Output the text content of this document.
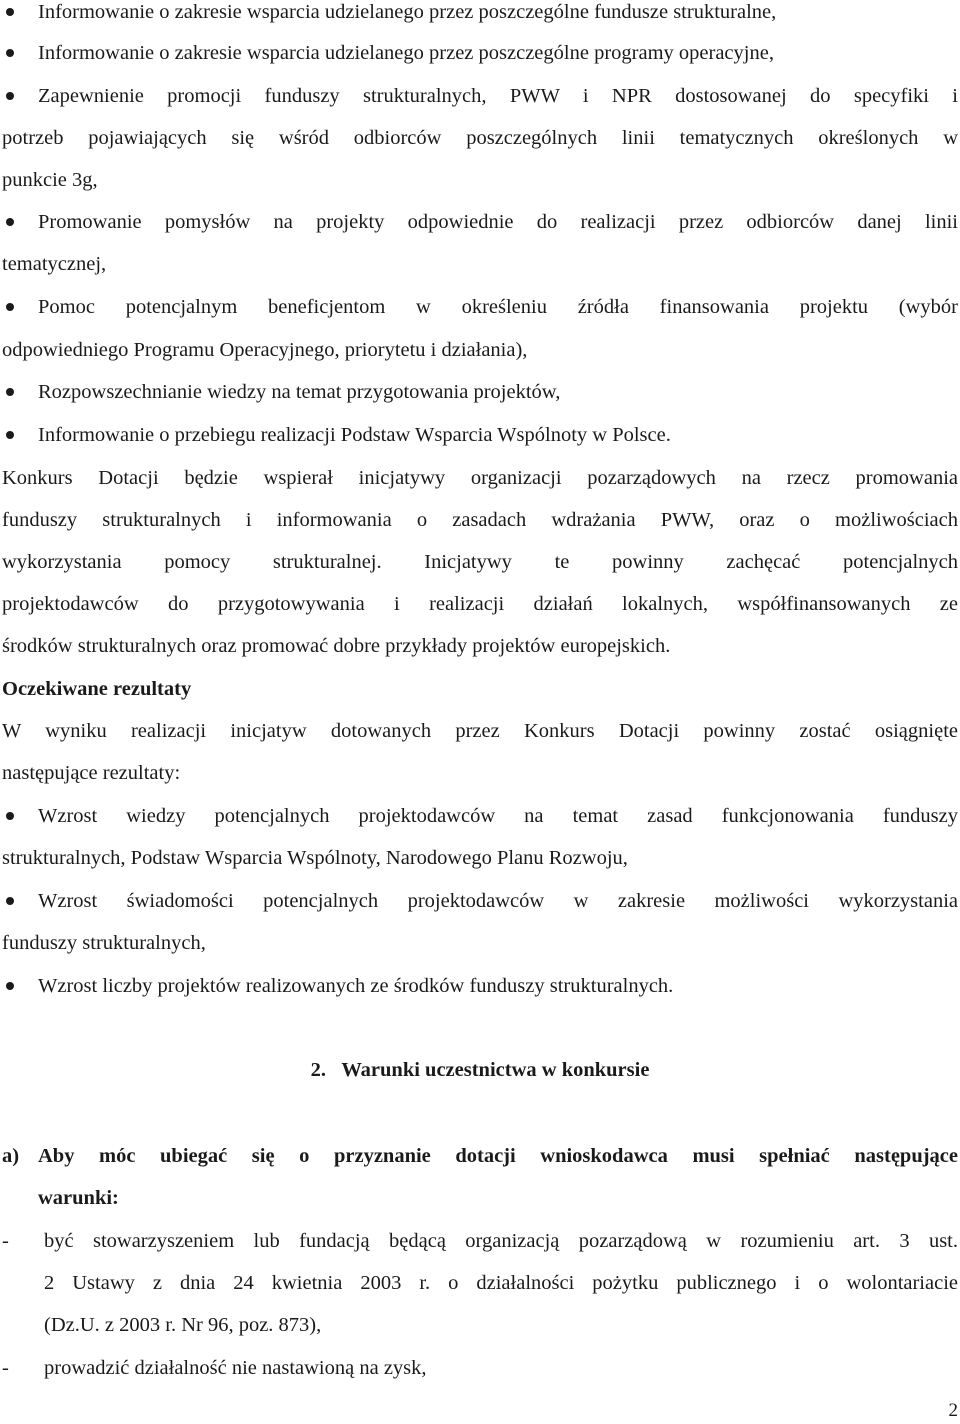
Informowanie o zakresie wsparcia udzielanego przez poszczególne fundusze strukturalne,
Informowanie o zakresie wsparcia udzielanego przez poszczególne programy operacyjne,
Zapewnienie promocji funduszy strukturalnych, PWW i NPR dostosowanej do specyfiki i
potrzeb pojawiających się wśród odbiorców poszczególnych linii tematycznych określonych w
punkcie 3g,
Promowanie pomysłów na projekty odpowiednie do realizacji przez odbiorców danej linii
tematycznej,
Pomoc potencjalnym beneficjentom w określeniu źródła finansowania projektu (wybór
odpowiedniego Programu Operacyjnego, priorytetu i działania),
Rozpowszechnianie wiedzy na temat przygotowania projektów,
Informowanie o przebiegu realizacji Podstaw Wsparcia Wspólnoty w Polsce.
Konkurs Dotacji będzie wspierał inicjatywy organizacji pozarządowych na rzecz promowania
funduszy strukturalnych i informowania o zasadach wdrażania PWW, oraz o możliwościach
wykorzystania pomocy strukturalnej. Inicjatywy te powinny zachęcać potencjalnych
projektodawców do przygotowywania i realizacji działań lokalnych, współfinansowanych ze
środków strukturalnych oraz promować dobre przykłady projektów europejskich.
Oczekiwane rezultaty
W wyniku realizacji inicjatyw dotowanych przez Konkurs Dotacji powinny zostać osiągnięte
następujące rezultaty:
Wzrost wiedzy potencjalnych projektodawców na temat zasad funkcjonowania funduszy
strukturalnych, Podstaw Wsparcia Wspólnoty, Narodowego Planu Rozwoju,
Wzrost świadomości potencjalnych projektodawców w zakresie możliwości wykorzystania
funduszy strukturalnych,
Wzrost liczby projektów realizowanych ze środków funduszy strukturalnych.
2. Warunki uczestnictwa w konkursie
a) Aby móc ubiegać się o przyznanie dotacji wnioskodawca musi spełniać następujące
warunki:
- być stowarzyszeniem lub fundacją będącą organizacją pozarządową w rozumieniu art. 3 ust.
2 Ustawy z dnia 24 kwietnia 2003 r. o działalności pożytku publicznego i o wolontariacie
(Dz.U. z 2003 r. Nr 96, poz. 873),
- prowadzić działalność nie nastawioną na zysk,
2
